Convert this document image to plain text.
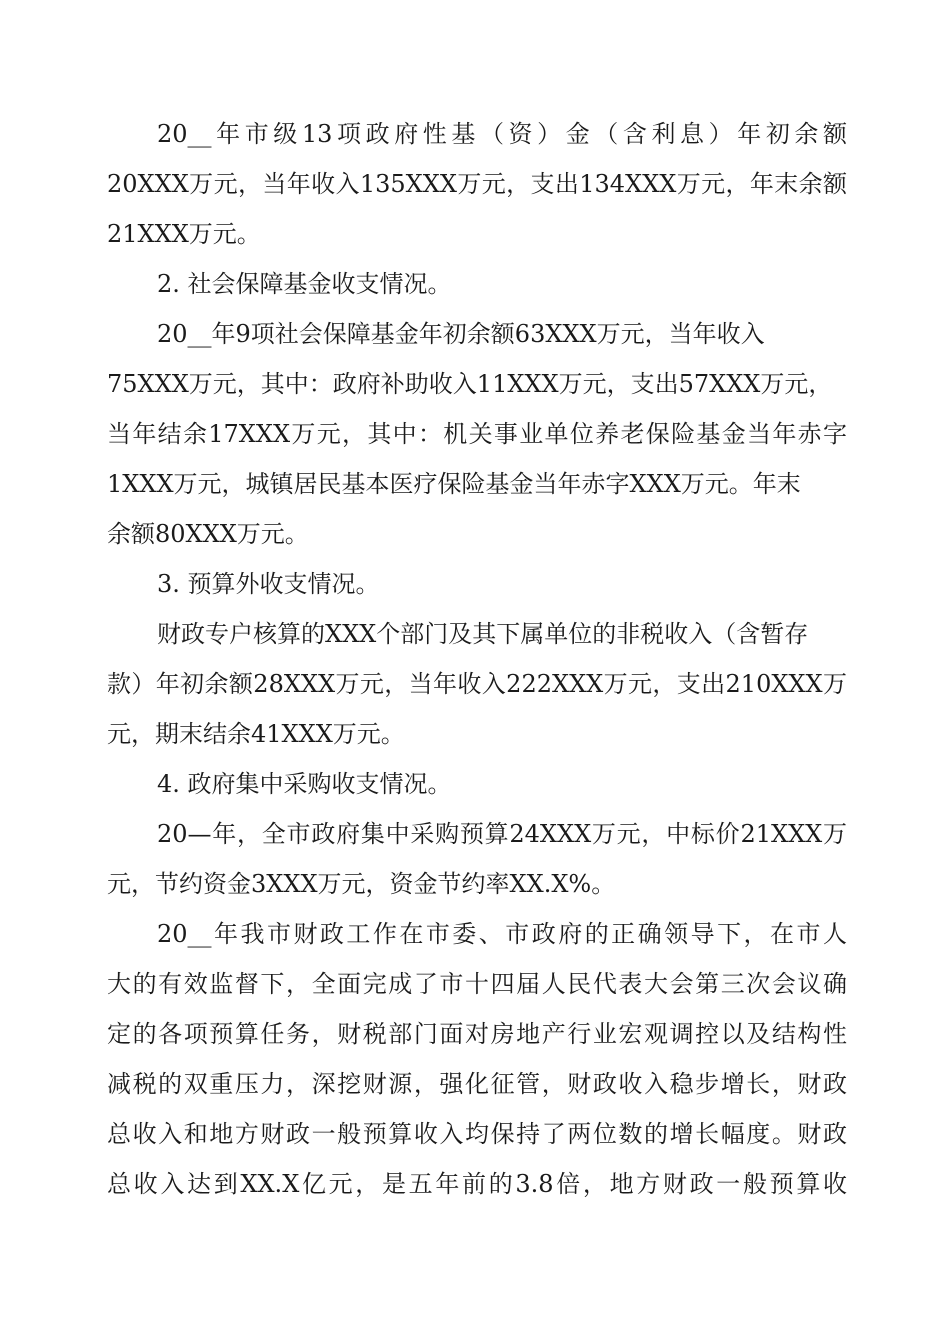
20__年市级13项政府性基（资）金（含利息）年初余额
20XXX万元，当年收入135XXX万元，支出134XXX万元，年末余额
21XXX万元。
2. 社会保障基金收支情况。
20__年9项社会保障基金年初余额63XXX万元，当年收入
75XXX万元，其中：政府补助收入11XXX万元，支出57XXX万元，
当年结余17XXX万元，其中：机关事业单位养老保险基金当年赤字
1XXX万元，城镇居民基本医疗保险基金当年赤字XXX万元。年末
余额80XXX万元。
3. 预算外收支情况。
财政专户核算的XXX个部门及其下属单位的非税收入（含暂存
款）年初余额28XXX万元，当年收入222XXX万元，支出210XXX万
元，期末结余41XXX万元。
4. 政府集中采购收支情况。
20—年，全市政府集中采购预算24XXX万元，中标价21XXX万
元，节约资金3XXX万元，资金节约率XX.X%。
20__年我市财政工作在市委、市政府的正确领导下，在市人
大的有效监督下，全面完成了市十四届人民代表大会第三次会议确
定的各项预算任务，财税部门面对房地产行业宏观调控以及结构性
减税的双重压力，深挖财源，强化征管，财政收入稳步增长，财政
总收入和地方财政一般预算收入均保持了两位数的增长幅度。财政
总收入达到XX.X亿元，是五年前的3.8倍，地方财政一般预算收
